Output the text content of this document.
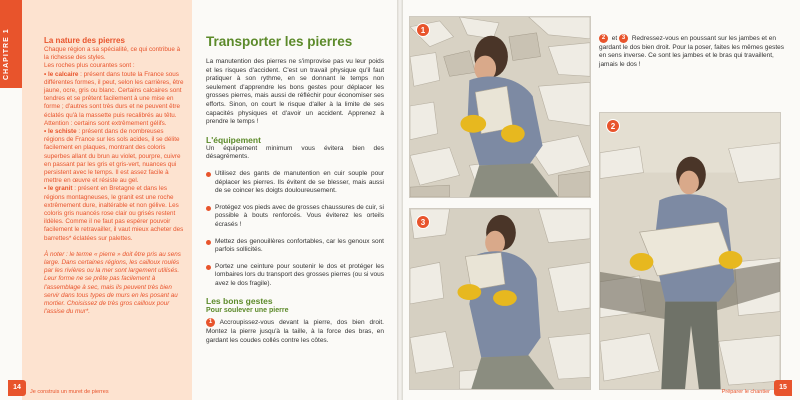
CHAPITRE 1	La nature des pierres

Chaque région a sa spécialité, ce qui contribue à la richesse des styles.

Les roches plus courantes sont :

• le calcaire : présent dans toute la France sous différentes formes, il peut, selon les carrières, être jaune, ocre, gris ou blanc. Certains calcaires sont tendres et se prêtent facilement à une mise en forme ; d'autres sont très durs et ne peuvent être éclatés qu'à la massette puis recalibrés au têtu. Attention : certains sont extrêmement gélifs.

• le schiste : présent dans de nombreuses régions de France sur les sols acides, il se délite facilement en plaques, montrant des coloris superbes allant du brun au violet, pourpre, cuivre en passant par les gris et gris-vert, nuances qui persistent avec le temps. Il est assez facile à mettre en œuvre et résiste au gel.

• le granit : présent en Bretagne et dans les régions montagneuses, le granit est une roche extrêmement dure, inaltérable et non gélive. Les coloris gris nuancés rose clair ou grisés restent ildèles. Comme il ne faut pas espérer pouvoir facilement le retravailler, il vaut mieux acheter des barrettes* éclatées sur palettes.

À noter : le terme « pierre » doit être pris au sens large. Dans certaines régions, les cailloux roulés par les rivières ou la mer sont largement utilisés. Leur forme ne se prête pas facilement à l'assemblage à sec, mais ils peuvent très bien servir dans tous types de murs en les posant au mortier. Choisissez de très gros cailloux pour l'assise du mur*.

Transporter les pierres

La manutention des pierres ne s'improvise pas vu leur poids et les risques d'accident. C'est un travail physique qu'il faut pratiquer à son rythme, en se donnant le temps non seulement d'apprendre les bons gestes pour déplacer les grosses pierres, mais aussi de réfléchir pour économiser ses efforts. Sinon, on court le risque d'aller à la limite de ses capacités physiques et d'avoir un accident. Apprenez à prendre le temps !

L'équipement

Un équipement minimum vous évitera bien des désagréments.

Utilisez des gants de manutention en cuir souple pour déplacer les pierres. Ils évitent de se blesser, mais aussi de se coincer les doigts douloureusement.
Protégez vos pieds avec de grosses chaussures de cuir, si possible à bouts renforcés. Vous éviterez les orteils écrasés !
Mettez des genouillères confortables, car les genoux sont parfois sollicités.
Portez une ceinture pour soutenir le dos et protéger les lombaires lors du transport des grosses pierres (ou si vous avez le dos fragile).
Les bons gestes
Pour soulever une pierre

1 Accroupissez-vous devant la pierre, dos bien droit. Montez la pierre jusqu'à la taille, à la force des bras, en gardant les coudes collés contre les côtes.

14
Je construis un muret de pierres
1
3
2

2 et 3 Redressez-vous en poussant sur les jambes et en gardant le dos bien droit. Pour la poser, faites les mêmes gestes en sens inverse. Ce sont les jambes et le bras qui travaillent, jamais le dos !

Préparer le chantier
15
